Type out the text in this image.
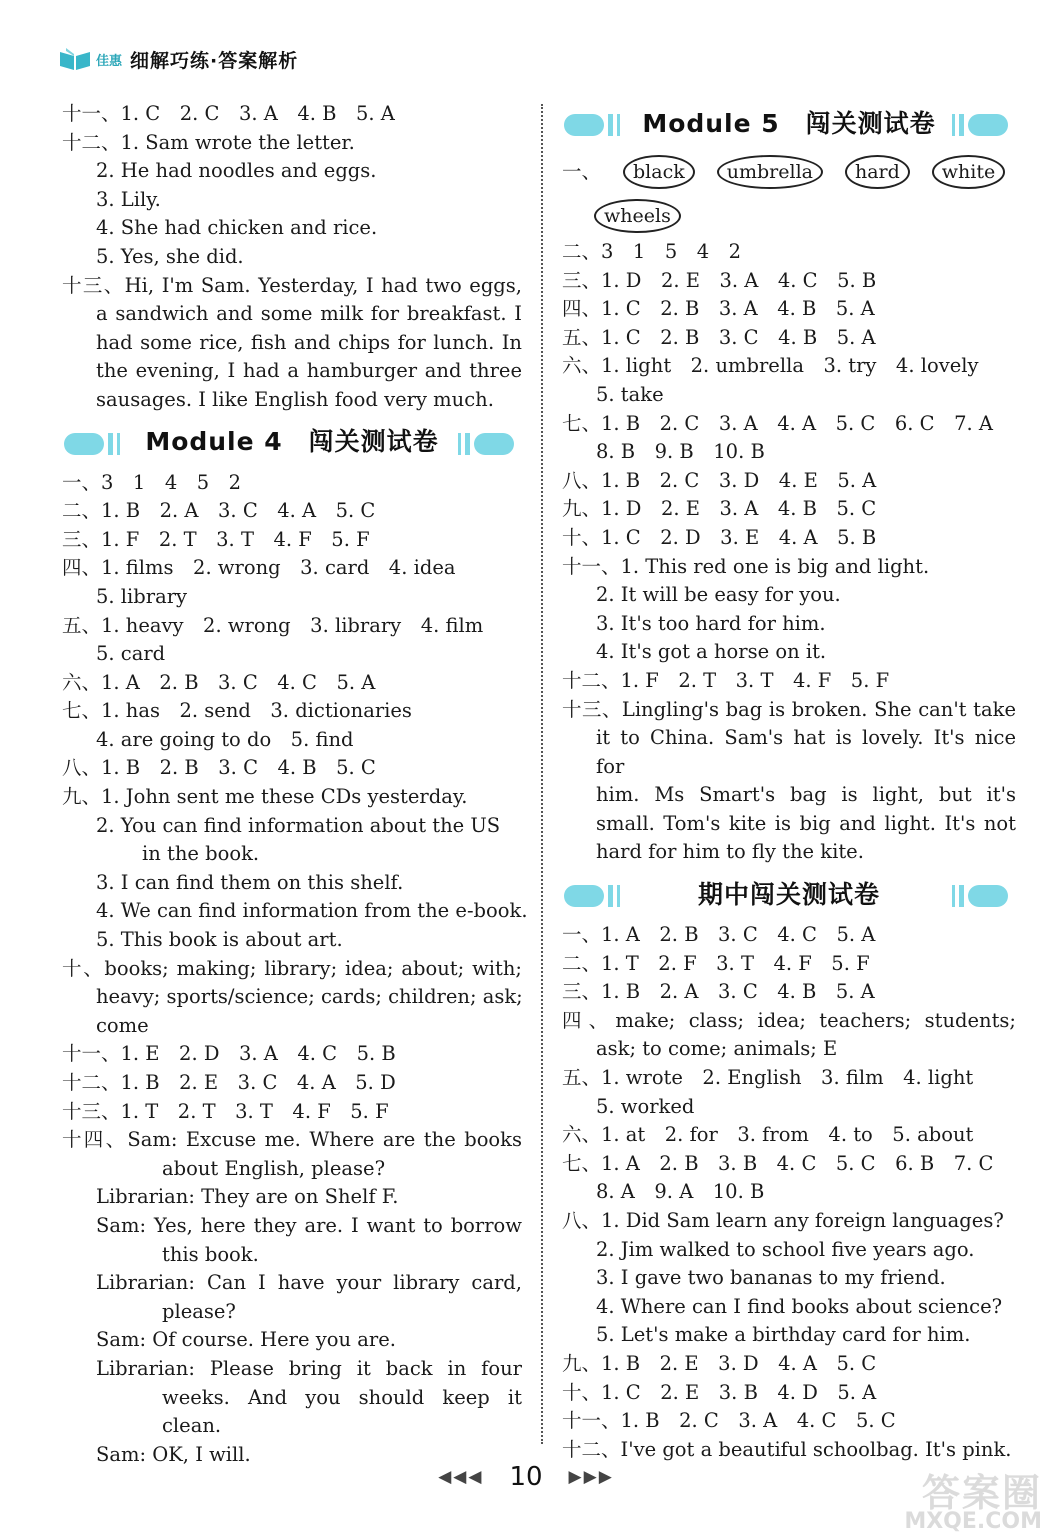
佳惠 细解巧练·答案解析
十一、1. C　2. C　3. A　4. B　5. A
十二、1. Sam wrote the letter.
2. He had noodles and eggs.
3. Lily.
4. She had chicken and rice.
5. Yes, she did.
十三、Hi, I'm Sam. Yesterday, I had two eggs,
a sandwich and some milk for breakfast. I
had some rice, fish and chips for lunch. In
the evening, I had a hamburger and three
sausages. I like English food very much.
Module 4　闯关测试卷
一、3　1　4　5　2
二、1. B　2. A　3. C　4. A　5. C
三、1. F　2. T　3. T　4. F　5. F
四、1. films　2. wrong　3. card　4. idea
5. library
五、1. heavy　2. wrong　3. library　4. film
5. card
六、1. A　2. B　3. C　4. C　5. A
七、1. has　2. send　3. dictionaries
4. are going to do　5. find
八、1. B　2. B　3. C　4. B　5. C
九、1. John sent me these CDs yesterday.
2. You can find information about the US
in the book.
3. I can find them on this shelf.
4. We can find information from the e-book.
5. This book is about art.
十、books; making; library; idea; about; with;
heavy; sports/science; cards; children; ask;
come
十一、1. E　2. D　3. A　4. C　5. B
十二、1. B　2. E　3. C　4. A　5. D
十三、1. T　2. T　3. T　4. F　5. F
十四、Sam: Excuse me. Where are the books
about English, please?
Librarian: They are on Shelf F.
Sam: Yes, here they are. I want to borrow
this book.
Librarian: Can I have your library card,
please?
Sam: Of course. Here you are.
Librarian: Please bring it back in four
weeks. And you should keep it
clean.
Sam: OK, I will.
Module 5　闯关测试卷
一、	black	umbrella	hard	white
wheels
二、3　1　5　4　2
三、1. D　2. E　3. A　4. C　5. B
四、1. C　2. B　3. A　4. B　5. A
五、1. C　2. B　3. C　4. B　5. A
六、1. light　2. umbrella　3. try　4. lovely
5. take
七、1. B　2. C　3. A　4. A　5. C　6. C　7. A
8. B　9. B　10. B
八、1. B　2. C　3. D　4. E　5. A
九、1. D　2. E　3. A　4. B　5. C
十、1. C　2. D　3. E　4. A　5. B
十一、1. This red one is big and light.
2. It will be easy for you.
3. It's too hard for him.
4. It's got a horse on it.
十二、1. F　2. T　3. T　4. F　5. F
十三、Lingling's bag is broken. She can't take
it to China. Sam's hat is lovely. It's nice for
him. Ms Smart's bag is light, but it's
small. Tom's kite is big and light. It's not
hard for him to fly the kite.
期中闯关测试卷
一、1. A　2. B　3. C　4. C　5. A
二、1. T　2. F　3. T　4. F　5. F
三、1. B　2. A　3. C　4. B　5. A
四、make; class; idea; teachers; students;
ask; to come; animals; E
五、1. wrote　2. English　3. film　4. light
5. worked
六、1. at　2. for　3. from　4. to　5. about
七、1. A　2. B　3. B　4. C　5. C　6. B　7. C
8. A　9. A　10. B
八、1. Did Sam learn any foreign languages?
2. Jim walked to school five years ago.
3. I gave two bananas to my friend.
4. Where can I find books about science?
5. Let's make a birthday card for him.
九、1. B　2. E　3. D　4. A　5. C
十、1. C　2. E　3. B　4. D　5. A
十一、1. B　2. C　3. A　4. C　5. C
十二、I've got a beautiful schoolbag. It's pink.
◀◀◀ 10 ▶▶▶	答案圈
MXQE.COM
